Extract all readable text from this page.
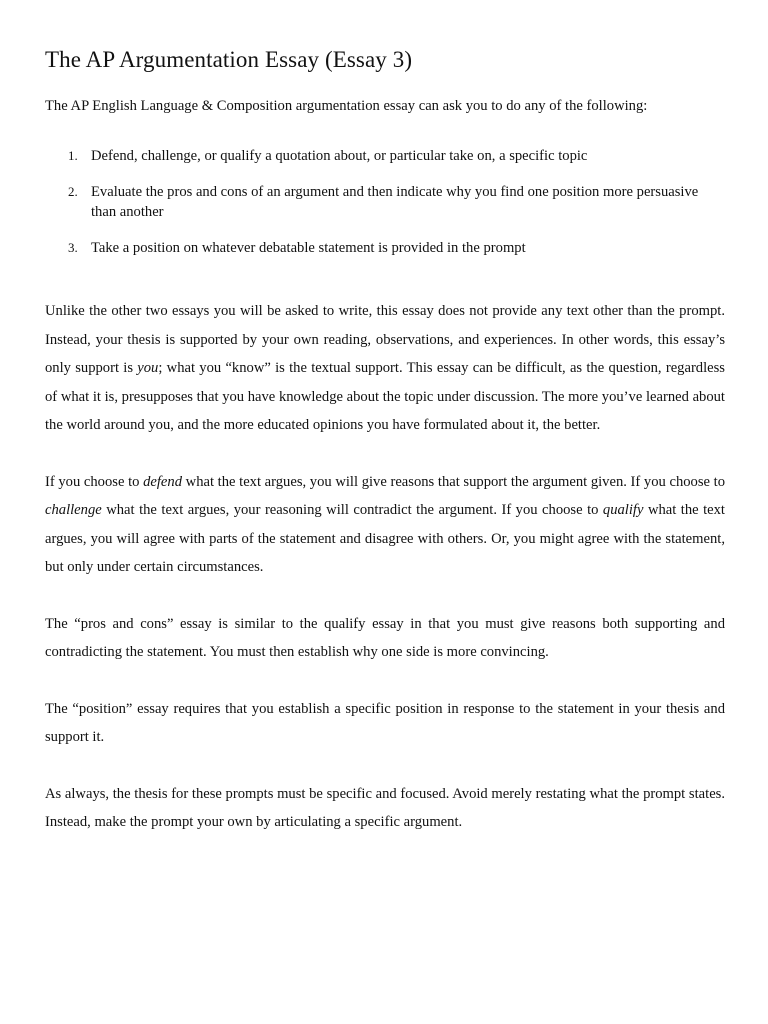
The AP Argumentation Essay (Essay 3)

The AP English Language & Composition argumentation essay can ask you to do any of the following:

1. Defend, challenge, or qualify a quotation about, or particular take on, a specific topic
2. Evaluate the pros and cons of an argument and then indicate why you find one position more persuasive than another
3. Take a position on whatever debatable statement is provided in the prompt

Unlike the other two essays you will be asked to write, this essay does not provide any text other than the prompt. Instead, your thesis is supported by your own reading, observations, and experiences. In other words, this essay’s only support is you; what you “know” is the textual support. This essay can be difficult, as the question, regardless of what it is, presupposes that you have knowledge about the topic under discussion. The more you’ve learned about the world around you, and the more educated opinions you have formulated about it, the better.

If you choose to defend what the text argues, you will give reasons that support the argument given. If you choose to challenge what the text argues, your reasoning will contradict the argument. If you choose to qualify what the text argues, you will agree with parts of the statement and disagree with others. Or, you might agree with the statement, but only under certain circumstances.

The “pros and cons” essay is similar to the qualify essay in that you must give reasons both supporting and contradicting the statement. You must then establish why one side is more convincing.

The “position” essay requires that you establish a specific position in response to the statement in your thesis and support it.

As always, the thesis for these prompts must be specific and focused. Avoid merely restating what the prompt states. Instead, make the prompt your own by articulating a specific argument.
